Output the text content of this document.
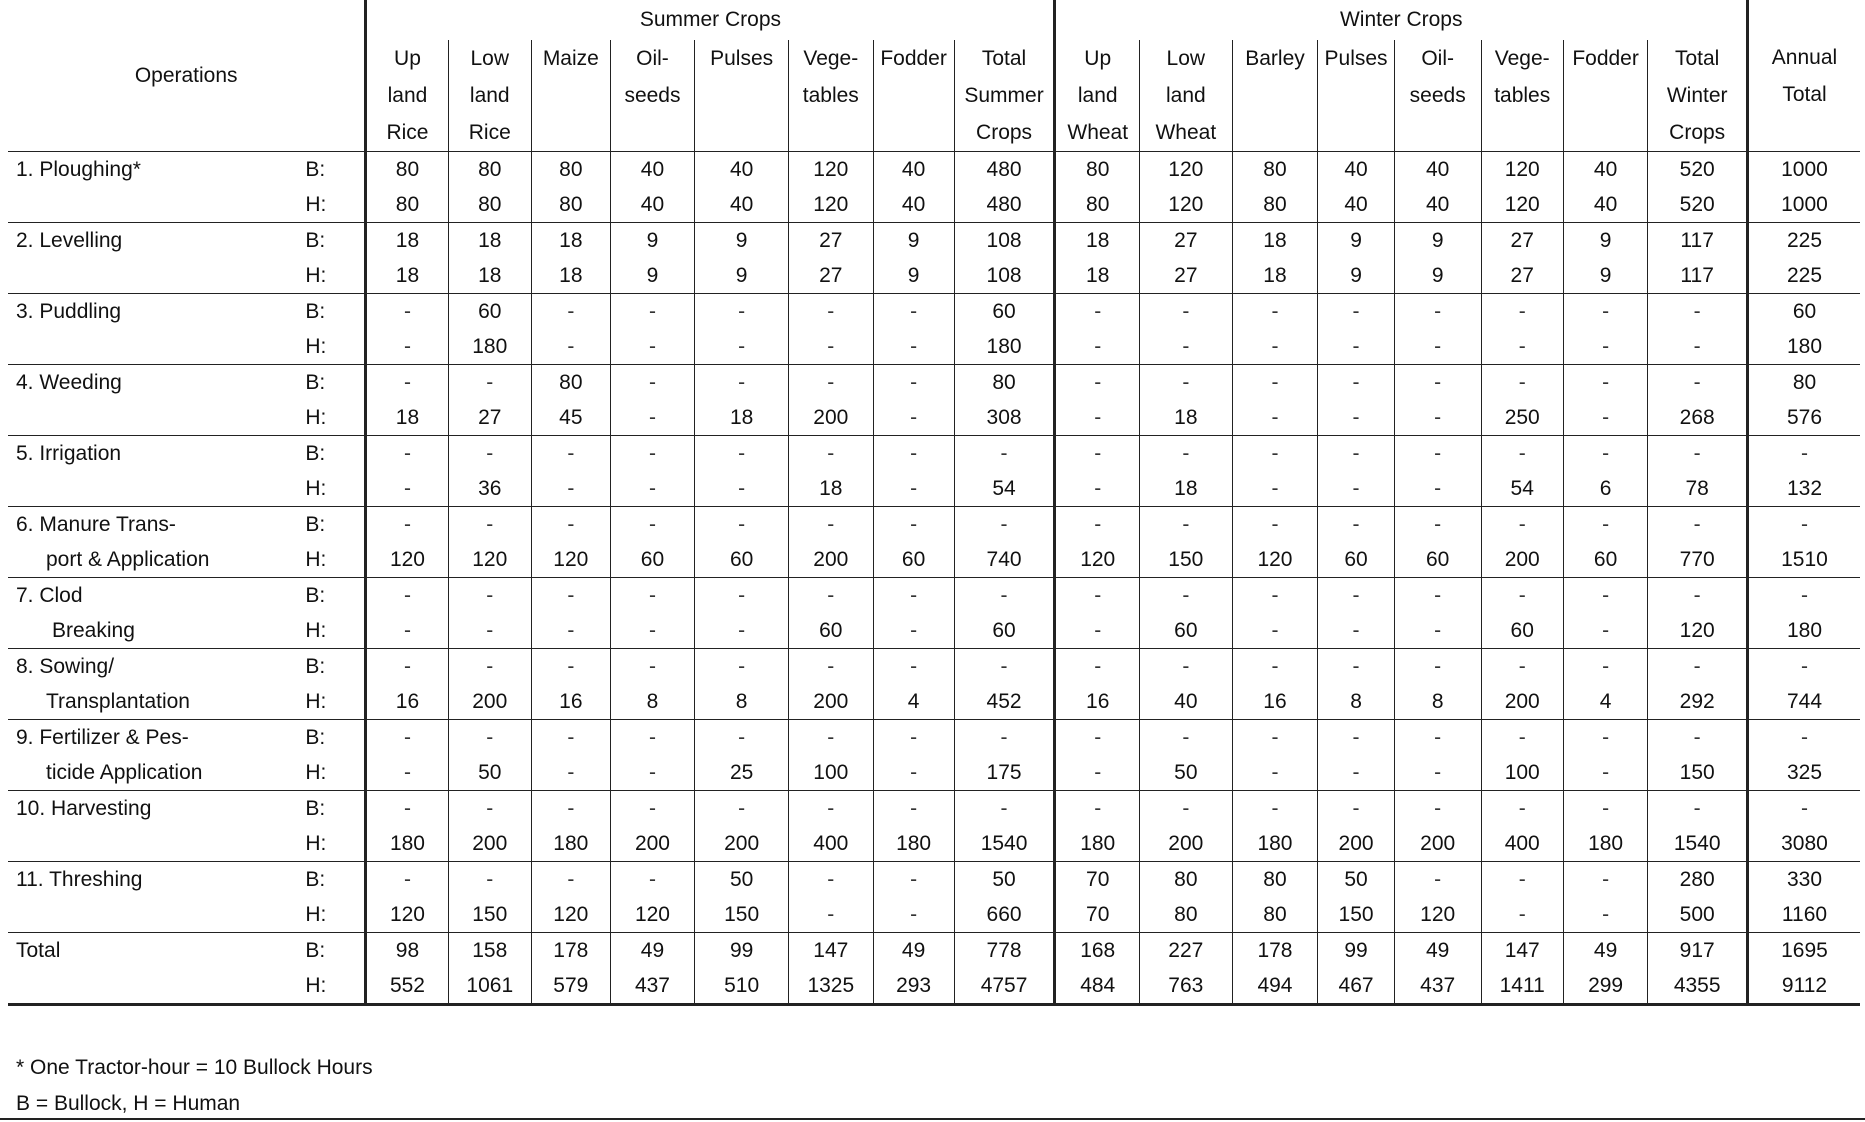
Operations		Summer Crops								Winter Crops								Annual
Total

		Up	Low	Maize	Oil-	Pulses	Vege-	Fodder	Total	Up	Low	Barley	Pulses	Oil-	Vege-	Fodder	Total	
		land	land		seeds		tables		Summer	land	land			seeds	tables		Winter	
		Rice	Rice						Crops	Wheat	Wheat						Crops	
1. Ploughing*	B:	80	80	80	40	40	120	40	480	80	120	80	40	40	120	40	520	1000
	H:	80	80	80	40	40	120	40	480	80	120	80	40	40	120	40	520	1000
2. Levelling	B:	18	18	18	9	9	27	9	108	18	27	18	9	9	27	9	117	225
	H:	18	18	18	9	9	27	9	108	18	27	18	9	9	27	9	117	225
3. Puddling	B:	-	60	-	-	-	-	-	60	-	-	-	-	-	-	-	-	60
	H:	-	180	-	-	-	-	-	180	-	-	-	-	-	-	-	-	180
4. Weeding	B:	-	-	80	-	-	-	-	80	-	-	-	-	-	-	-	-	80
	H:	18	27	45	-	18	200	-	308	-	18	-	-	-	250	-	268	576
5. Irrigation	B:	-	-	-	-	-	-	-	-	-	-	-	-	-	-	-	-	-
	H:	-	36	-	-	-	18	-	54	-	18	-	-	-	54	6	78	132
6. Manure Trans-	B:	-	-	-	-	-	-	-	-	-	-	-	-	-	-	-	-	-
port & Application	H:	120	120	120	60	60	200	60	740	120	150	120	60	60	200	60	770	1510
7. Clod	B:	-	-	-	-	-	-	-	-	-	-	-	-	-	-	-	-	-
Breaking	H:	-	-	-	-	-	60	-	60	-	60	-	-	-	60	-	120	180
8. Sowing/	B:	-	-	-	-	-	-	-	-	-	-	-	-	-	-	-	-	-
Transplantation	H:	16	200	16	8	8	200	4	452	16	40	16	8	8	200	4	292	744
9. Fertilizer & Pes-	B:	-	-	-	-	-	-	-	-	-	-	-	-	-	-	-	-	-
ticide Application	H:	-	50	-	-	25	100	-	175	-	50	-	-	-	100	-	150	325
10. Harvesting	B:	-	-	-	-	-	-	-	-	-	-	-	-	-	-	-	-	-
	H:	180	200	180	200	200	400	180	1540	180	200	180	200	200	400	180	1540	3080
11. Threshing	B:	-	-	-	-	50	-	-	50	70	80	80	50	-	-	-	280	330
	H:	120	150	120	120	150	-	-	660	70	80	80	150	120	-	-	500	1160
Total	B:	98	158	178	49	99	147	49	778	168	227	178	99	49	147	49	917	1695
	H:	552	1061	579	437	510	1325	293	4757	484	763	494	467	437	1411	299	4355	9112
* One Tractor-hour = 10 Bullock Hours
B = Bullock, H = Human
